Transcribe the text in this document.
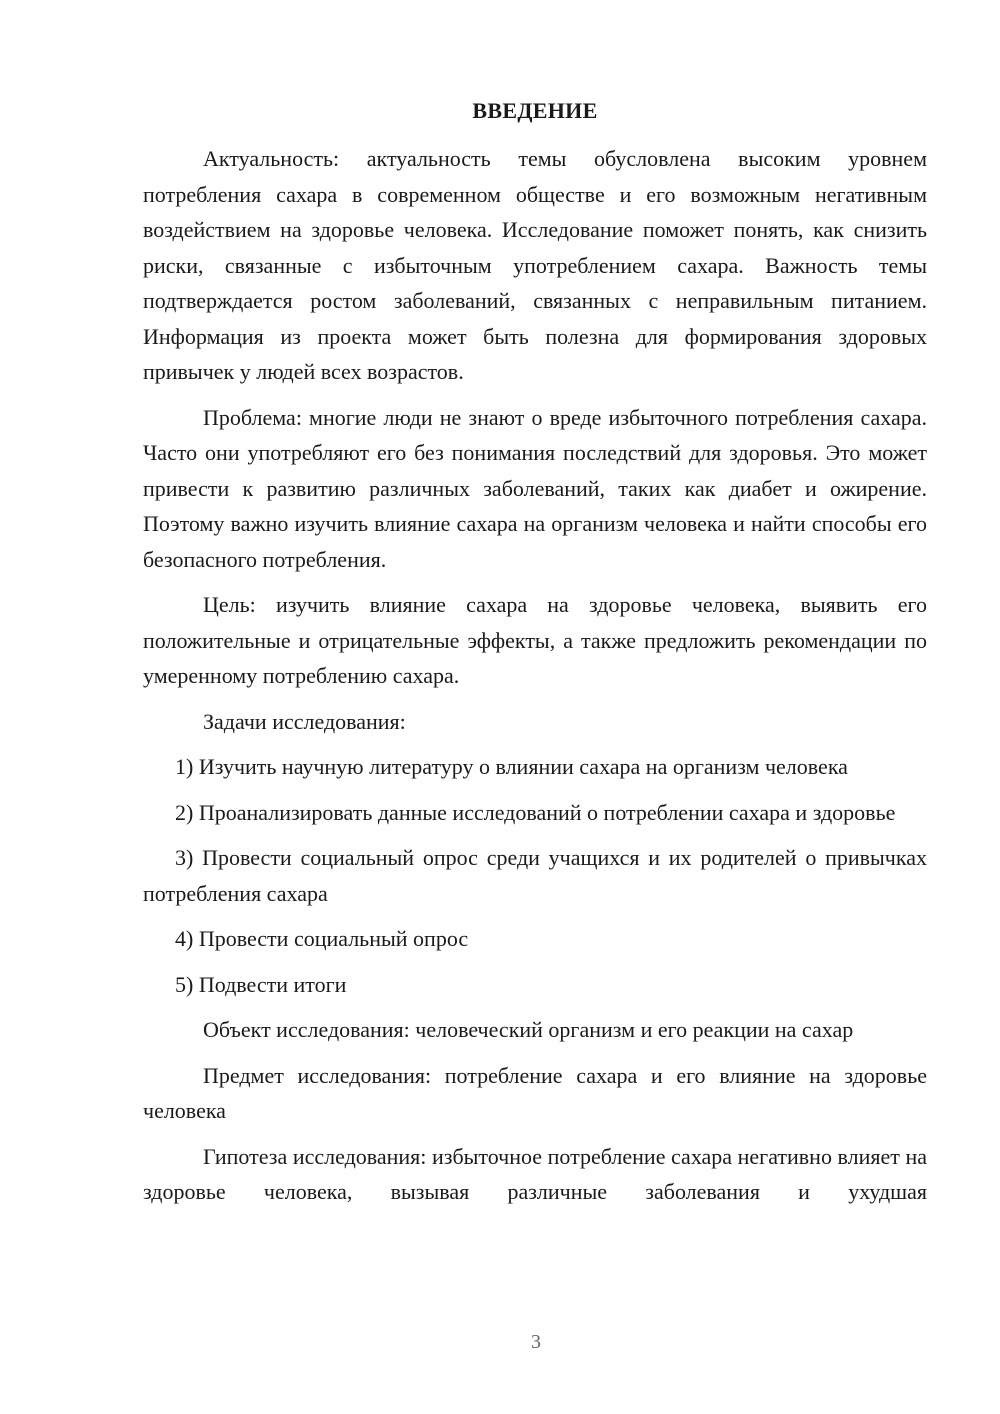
ВВЕДЕНИЕ

Актуальность: актуальность темы обусловлена высоким уровнем потребления сахара в современном обществе и его возможным негативным воздействием на здоровье человека. Исследование поможет понять, как снизить риски, связанные с избыточным употреблением сахара. Важность темы подтверждается ростом заболеваний, связанных с неправильным питанием. Информация из проекта может быть полезна для формирования здоровых привычек у людей всех возрастов.

Проблема: многие люди не знают о вреде избыточного потребления сахара. Часто они употребляют его без понимания последствий для здоровья. Это может привести к развитию различных заболеваний, таких как диабет и ожирение. Поэтому важно изучить влияние сахара на организм человека и найти способы его безопасного потребления.

Цель: изучить влияние сахара на здоровье человека, выявить его положительные и отрицательные эффекты, а также предложить рекомендации по умеренному потреблению сахара.

Задачи исследования:

1) Изучить научную литературу о влиянии сахара на организм человека

2) Проанализировать данные исследований о потреблении сахара и здоровье

3) Провести социальный опрос среди учащихся и их родителей о привычках потребления сахара

4) Провести социальный опрос

5) Подвести итоги

Объект исследования: человеческий организм и его реакции на сахар

Предмет исследования: потребление сахара и его влияние на здоровье человека

Гипотеза исследования: избыточное потребление сахара негативно влияет на здоровье человека, вызывая различные заболевания и ухудшая

3
